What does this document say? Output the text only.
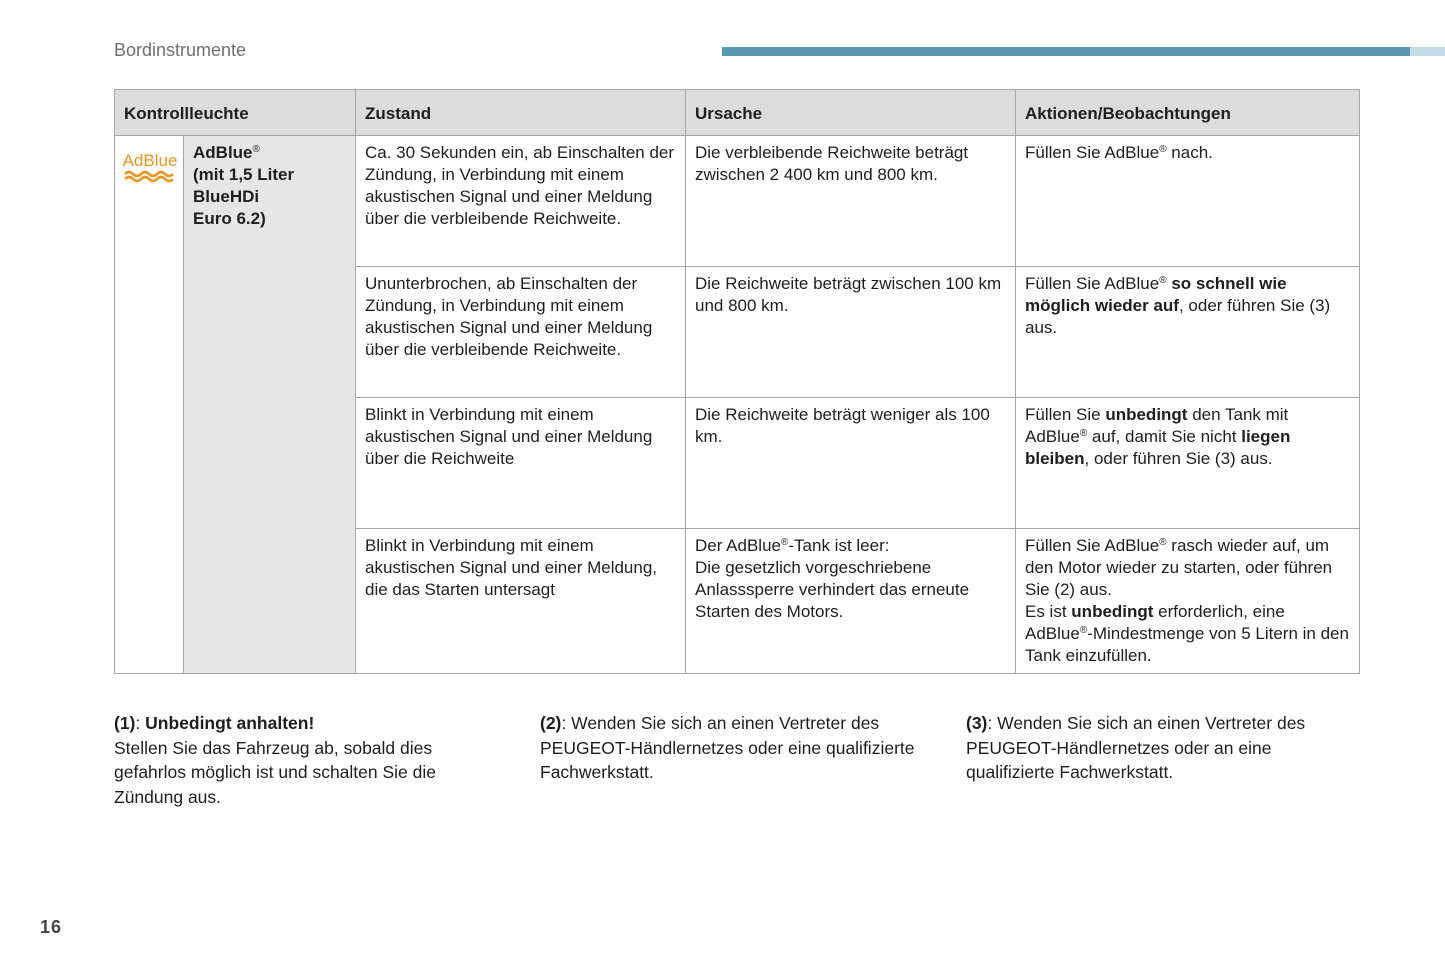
Bordinstrumente
Kontrollleuchte		Zustand	Ursache	Aktionen/Beobachtungen

AdBlue	AdBlue®
(mit 1,5 Liter
BlueHDi
Euro 6.2)	Ca. 30 Sekunden ein, ab Einschalten der Zündung, in Verbindung mit einem akustischen Signal und einer Meldung über die verbleibende Reichweite.	Die verbleibende Reichweite beträgt zwischen 2 400 km und 800 km.	Füllen Sie AdBlue® nach.
		Ununterbrochen, ab Einschalten der Zündung, in Verbindung mit einem akustischen Signal und einer Meldung über die verbleibende Reichweite.	Die Reichweite beträgt zwischen 100 km und 800 km.	Füllen Sie AdBlue® so schnell wie möglich wieder auf, oder führen Sie (3) aus.
		Blinkt in Verbindung mit einem akustischen Signal und einer Meldung über die Reichweite	Die Reichweite beträgt weniger als 100 km.	Füllen Sie unbedingt den Tank mit AdBlue® auf, damit Sie nicht liegen bleiben, oder führen Sie (3) aus.
		Blinkt in Verbindung mit einem akustischen Signal und einer Meldung, die das Starten untersagt	Der AdBlue®-Tank ist leer:
Die gesetzlich vorgeschriebene Anlasssperre verhindert das erneute Starten des Motors.	Füllen Sie AdBlue® rasch wieder auf, um den Motor wieder zu starten, oder führen Sie (2) aus.
Es ist unbedingt erforderlich, eine AdBlue®-Mindestmenge von 5 Litern in den Tank einzufüllen.
(1): Unbedingt anhalten!
Stellen Sie das Fahrzeug ab, sobald dies gefahrlos möglich ist und schalten Sie die Zündung aus.
(2): Wenden Sie sich an einen Vertreter des PEUGEOT-Händlernetzes oder eine qualifizierte Fachwerkstatt.
(3): Wenden Sie sich an einen Vertreter des PEUGEOT-Händlernetzes oder an eine qualifizierte Fachwerkstatt.
16
